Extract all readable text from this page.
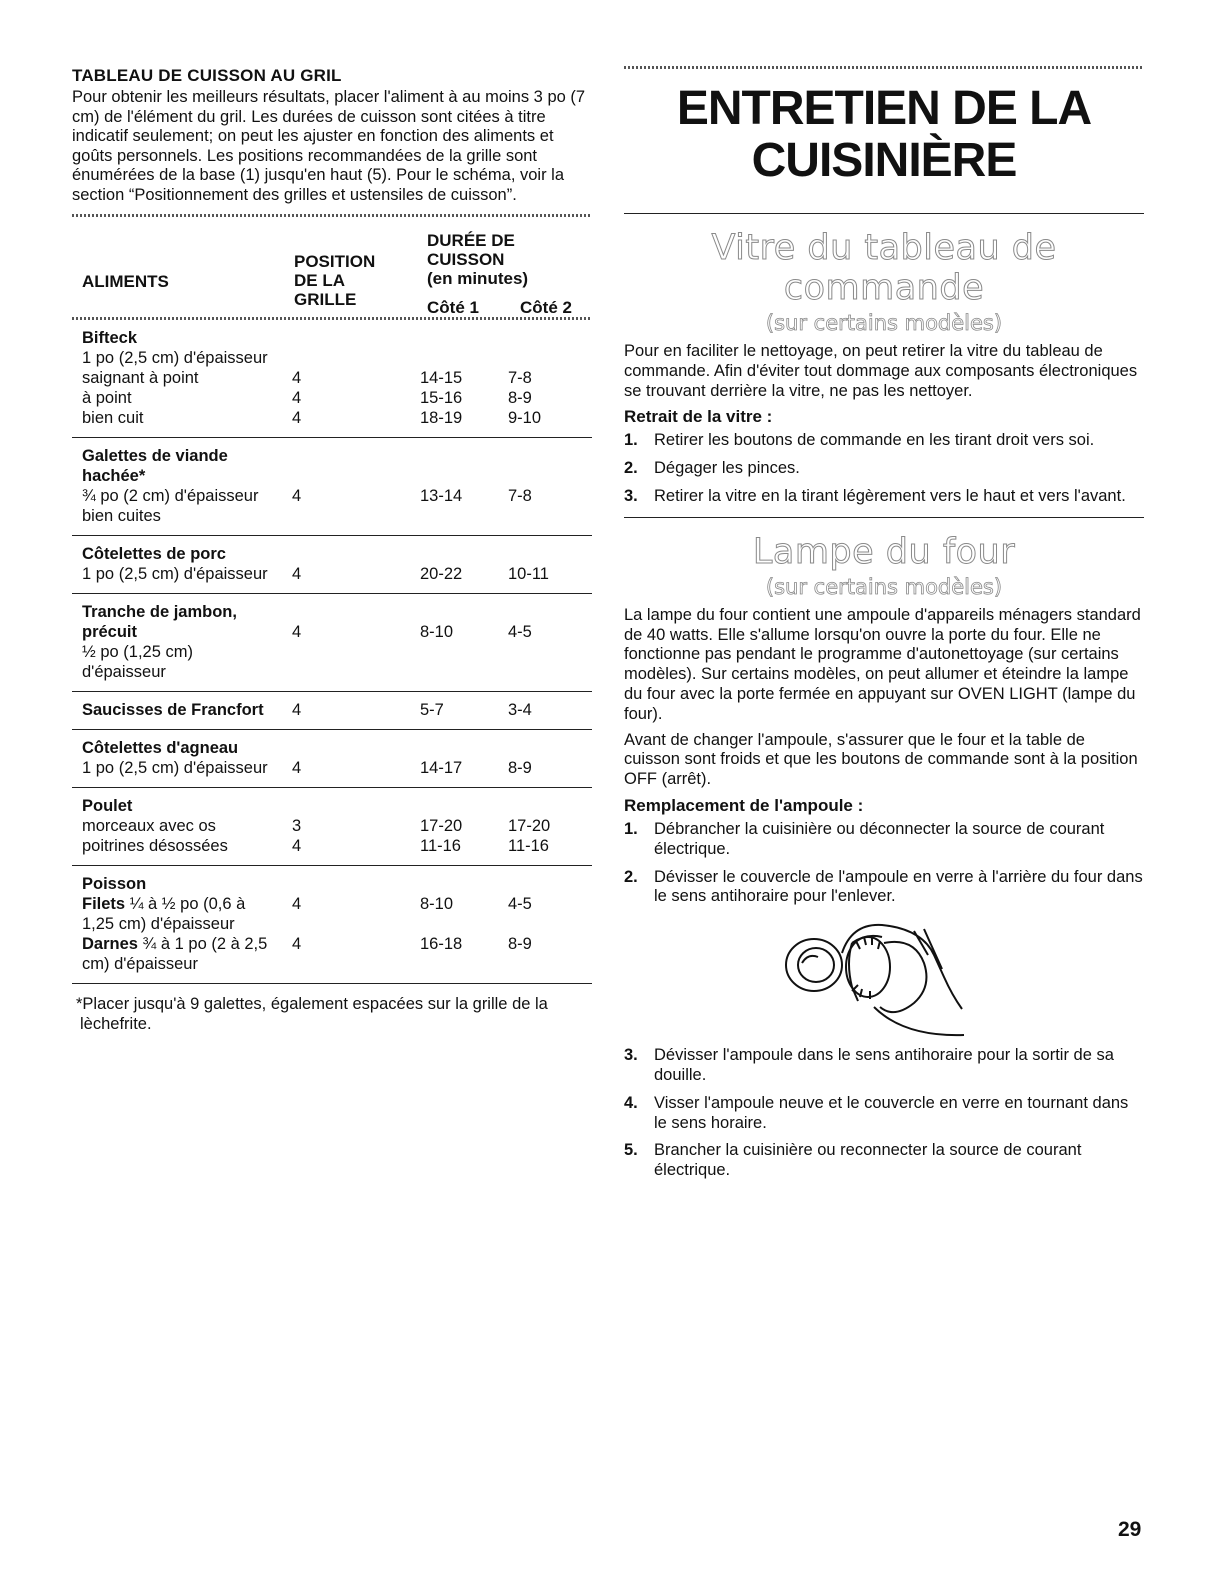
TABLEAU DE CUISSON AU GRIL

Pour obtenir les meilleurs résultats, placer l'aliment à au moins 3 po (7 cm) de l'élément du gril. Les durées de cuisson sont citées à titre indicatif seulement; on peut les ajuster en fonction des aliments et goûts personnels. Les positions recommandées de la grille sont énumérées de la base (1) jusqu'en haut (5). Pour le schéma, voir la section “Positionnement des grilles et ustensiles de cuisson”.

ALIMENTS
POSITION
DE LA
GRILLE
DURÉE DE
CUISSON
(en minutes)
Côté 1 Côté 2
Bifteck
1 po (2,5 cm) d'épaisseur
saignant à point	4	14-15	7-8
à point	4	15-16	8-9
bien cuit	4	18-19	9-10
Galettes de viande
hachée*
¾ po (2 cm) d'épaisseur	4	13-14	7-8
bien cuites
Côtelettes de porc
1 po (2,5 cm) d'épaisseur	4	20-22	10-11
Tranche de jambon,
précuit	4	8-10	4-5
½ po (1,25 cm)
d'épaisseur
Saucisses de Francfort	4	5-7	3-4
Côtelettes d'agneau
1 po (2,5 cm) d'épaisseur	4	14-17	8-9
Poulet
morceaux avec os	3	17-20	17-20
poitrines désossées	4	11-16	11-16
Poisson
Filets ¼ à ½ po (0,6 à	4	8-10	4-5
1,25 cm) d'épaisseur
Darnes ¾ à 1 po (2 à 2,5	4	16-18	8-9
cm) d'épaisseur
*Placer jusqu'à 9 galettes, également espacées sur la grille de la lèchefrite.
ENTRETIEN DE LA
CUISINIÈRE
Vitre du tableau de commande
(sur certains modèles)

Pour en faciliter le nettoyage, on peut retirer la vitre du tableau de commande. Afin d'éviter tout dommage aux composants électroniques se trouvant derrière la vitre, ne pas les nettoyer.

Retrait de la vitre :
1. Retirer les boutons de commande en les tirant droit vers soi.
2. Dégager les pinces.
3. Retirer la vitre en la tirant légèrement vers le haut et vers l'avant.
Lampe du four
(sur certains modèles)

La lampe du four contient une ampoule d'appareils ménagers standard de 40 watts. Elle s'allume lorsqu'on ouvre la porte du four. Elle ne fonctionne pas pendant le programme d'autonettoyage (sur certains modèles). Sur certains modèles, on peut allumer et éteindre la lampe du four avec la porte fermée en appuyant sur OVEN LIGHT (lampe du four).

Avant de changer l'ampoule, s'assurer que le four et la table de cuisson sont froids et que les boutons de commande sont à la position OFF (arrêt).

Remplacement de l'ampoule :
1. Débrancher la cuisinière ou déconnecter la source de courant électrique.
2. Dévisser le couvercle de l'ampoule en verre à l'arrière du four dans le sens antihoraire pour l'enlever.
3. Dévisser l'ampoule dans le sens antihoraire pour la sortir de sa douille.
4. Visser l'ampoule neuve et le couvercle en verre en tournant dans le sens horaire.
5. Brancher la cuisinière ou reconnecter la source de courant électrique.
29
